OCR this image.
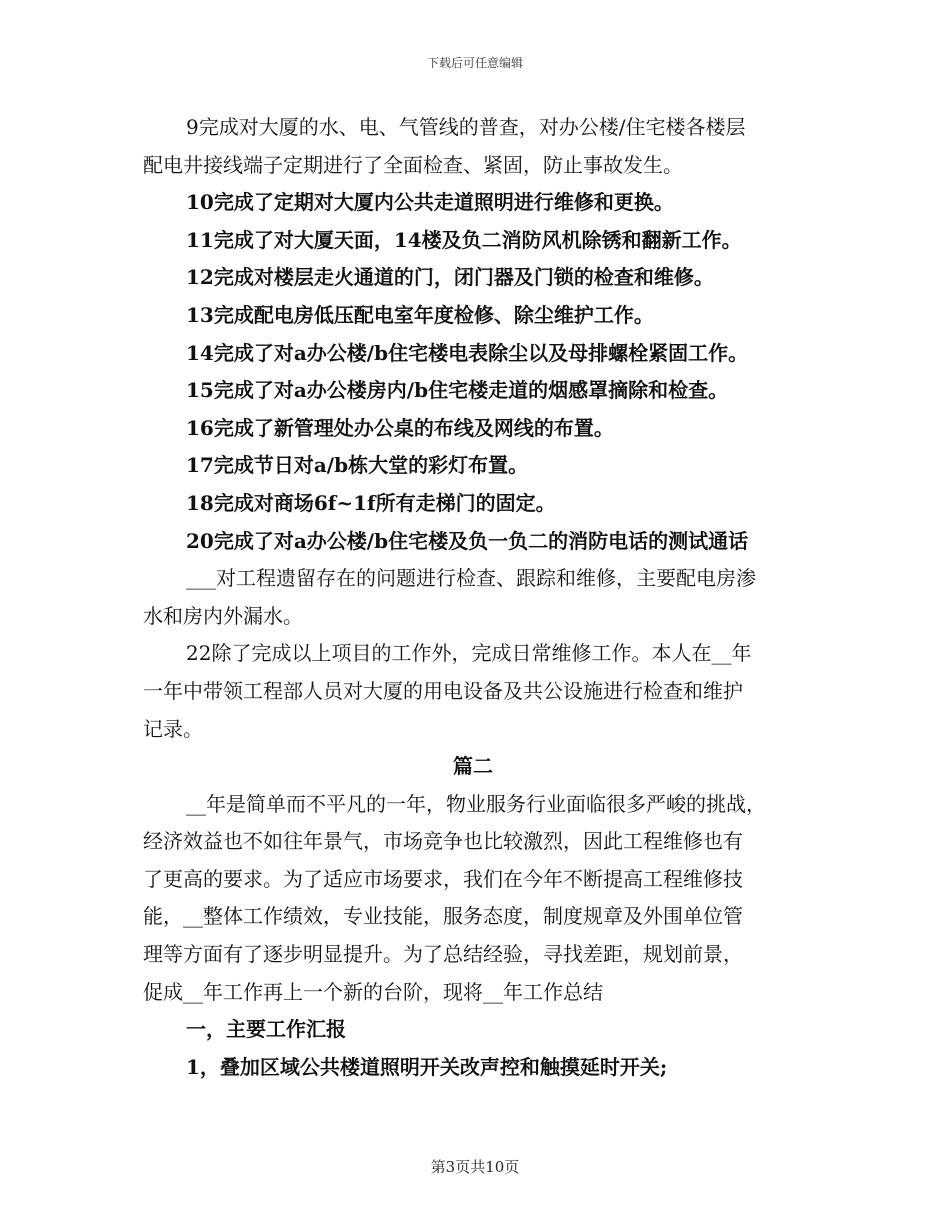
下载后可任意编辑
9完成对大厦的水、电、气管线的普查，对办公楼/住宅楼各楼层
配电井接线端子定期进行了全面检查、紧固，防止事故发生。
10完成了定期对大厦内公共走道照明进行维修和更换。
11完成了对大厦天面，14楼及负二消防风机除锈和翻新工作。
12完成对楼层走火通道的门，闭门器及门锁的检查和维修。
13完成配电房低压配电室年度检修、除尘维护工作。
14完成了对a办公楼/b住宅楼电表除尘以及母排螺栓紧固工作。
15完成了对a办公楼房内/b住宅楼走道的烟感罩摘除和检查。
16完成了新管理处办公桌的布线及网线的布置。
17完成节日对a/b栋大堂的彩灯布置。
18完成对商场6f~1f所有走梯门的固定。
20完成了对a办公楼/b住宅楼及负一负二的消防电话的测试通话
___对工程遗留存在的问题进行检查、跟踪和维修，主要配电房渗
水和房内外漏水。
22除了完成以上项目的工作外，完成日常维修工作。本人在__年
一年中带领工程部人员对大厦的用电设备及共公设施进行检查和维护
记录。
篇二
__年是简单而不平凡的一年，物业服务行业面临很多严峻的挑战，
经济效益也不如往年景气，市场竞争也比较激烈，因此工程维修也有
了更高的要求。为了适应市场要求，我们在今年不断提高工程维修技
能，__整体工作绩效，专业技能，服务态度，制度规章及外围单位管
理等方面有了逐步明显提升。为了总结经验，寻找差距，规划前景，
促成__年工作再上一个新的台阶，现将__年工作总结
一，主要工作汇报
1，叠加区域公共楼道照明开关改声控和触摸延时开关;
第3页共10页
